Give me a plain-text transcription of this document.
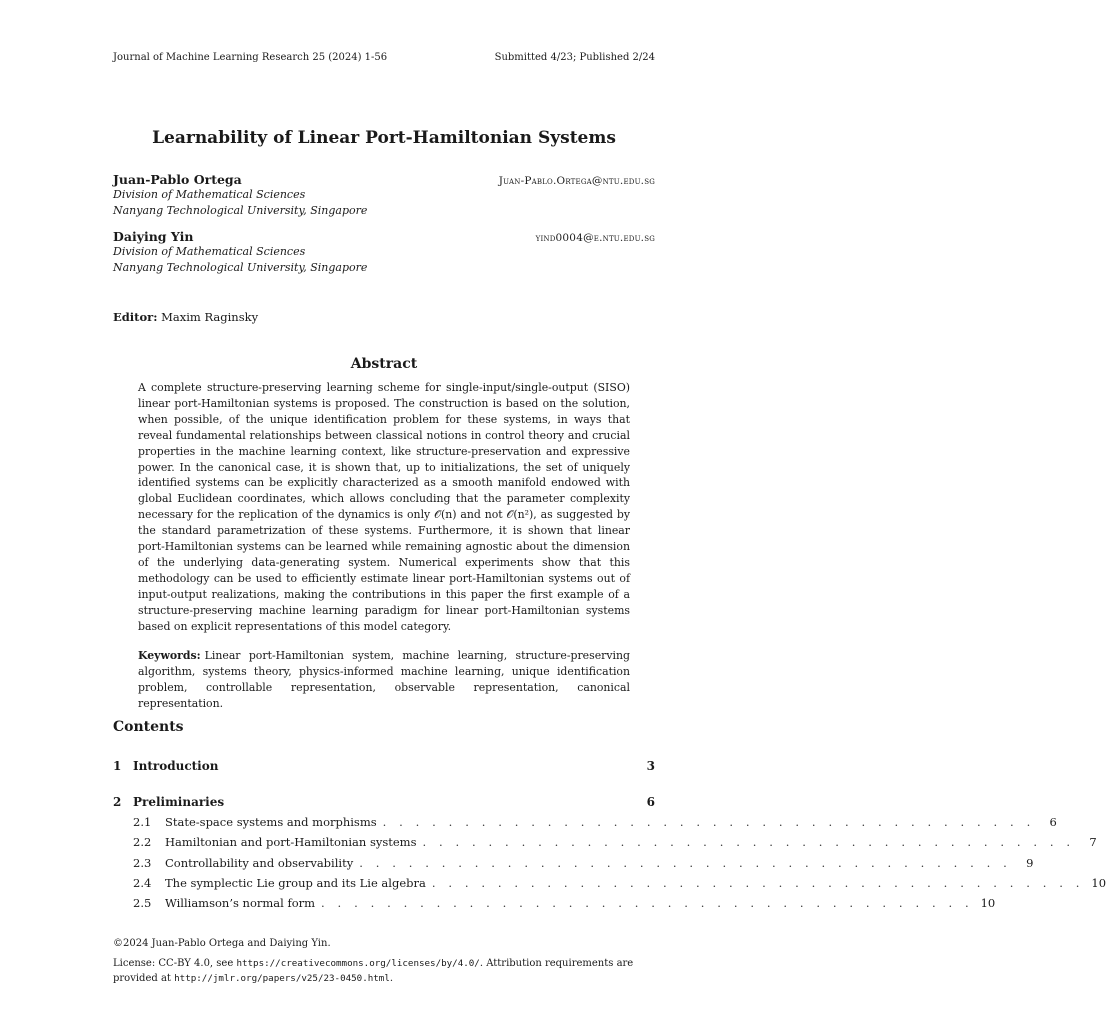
Journal of Machine Learning Research 25 (2024) 1-56	Submitted 4/23; Published 2/24
Learnability of Linear Port-Hamiltonian Systems
Juan-Pablo Ortega	Juan-Pablo.Ortega@ntu.edu.sg
Division of Mathematical Sciences
Nanyang Technological University, Singapore
Daiying Yin	yind0004@e.ntu.edu.sg
Division of Mathematical Sciences
Nanyang Technological University, Singapore
Editor: Maxim Raginsky
Abstract

A complete structure-preserving learning scheme for single-input/single-output (SISO) linear port-Hamiltonian systems is proposed. The construction is based on the solution, when possible, of the unique identification problem for these systems, in ways that reveal fundamental relationships between classical notions in control theory and crucial properties in the machine learning context, like structure-preservation and expressive power. In the canonical case, it is shown that, up to initializations, the set of uniquely identified systems can be explicitly characterized as a smooth manifold endowed with global Euclidean coordinates, which allows concluding that the parameter complexity necessary for the replication of the dynamics is only 𝒪(n) and not 𝒪(n²), as suggested by the standard parametrization of these systems. Furthermore, it is shown that linear port-Hamiltonian systems can be learned while remaining agnostic about the dimension of the underlying data-generating system. Numerical experiments show that this methodology can be used to efficiently estimate linear port-Hamiltonian systems out of input-output realizations, making the contributions in this paper the first example of a structure-preserving machine learning paradigm for linear port-Hamiltonian systems based on explicit representations of this model category.

Keywords: Linear port-Hamiltonian system, machine learning, structure-preserving algorithm, systems theory, physics-informed machine learning, unique identification problem, controllable representation, observable representation, canonical representation.

Contents
1 Introduction	3
2 Preliminaries	6
2.1	State-space systems and morphisms . . . . . . . . . . . . . . . . . . . . . . . . . . . . . . . . . . . . . . . .	6
2.2	Hamiltonian and port-Hamiltonian systems . . . . . . . . . . . . . . . . . . . . . . . . . . . . . . . . . . . . . . . .	7
2.3	Controllability and observability . . . . . . . . . . . . . . . . . . . . . . . . . . . . . . . . . . . . . . . .	9
2.4	The symplectic Lie group and its Lie algebra . . . . . . . . . . . . . . . . . . . . . . . . . . . . . . . . . . . . . . . . 10
2.5	Williamson’s normal form . . . . . . . . . . . . . . . . . . . . . . . . . . . . . . . . . . . . . . . . 10
©2024 Juan-Pablo Ortega and Daiying Yin.

License: CC-BY 4.0, see https://creativecommons.org/licenses/by/4.0/. Attribution requirements are provided at http://jmlr.org/papers/v25/23-0450.html.
